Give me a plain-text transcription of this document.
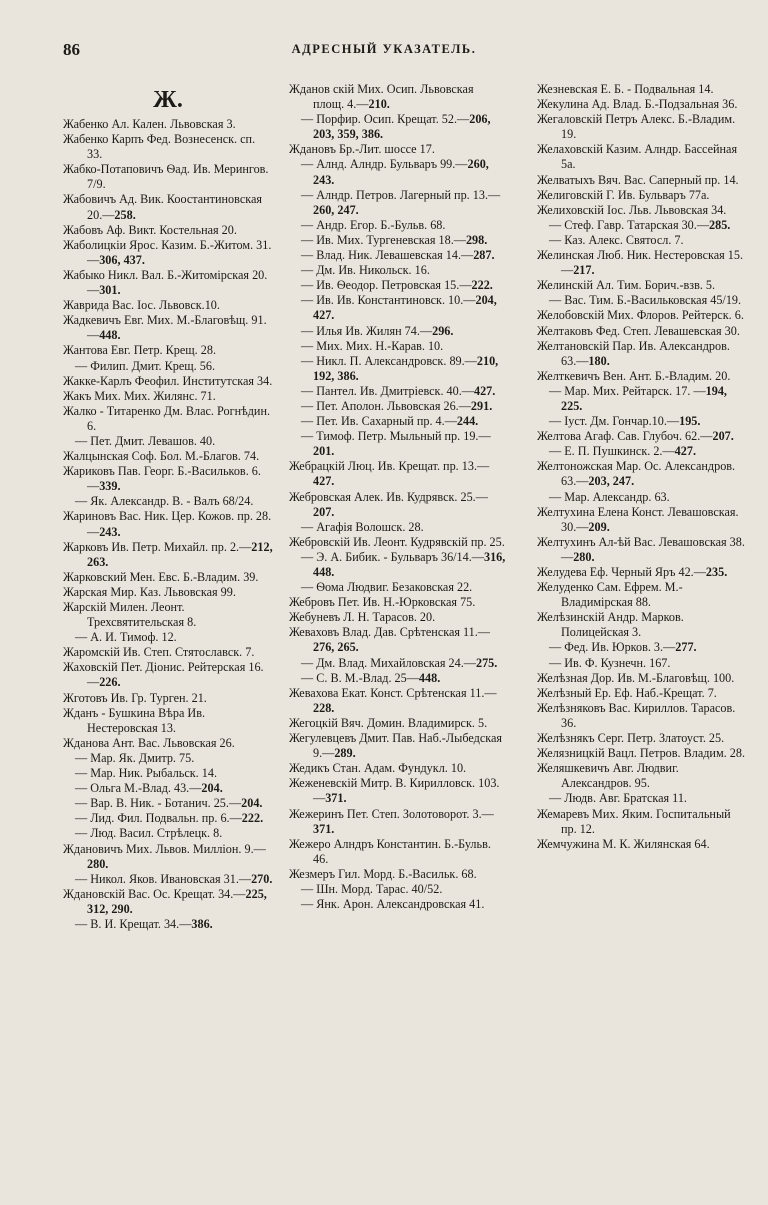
86	АДРЕСНЫЙ УКАЗАТЕЛЬ.
Ж.
Жабенко Ал. Кален. Львовская 3.
Жабенко Карпъ Фед. Вознесенск. сп. 33.
Жабко-Потаповичъ Ѳад. Ив. Мерингов. 7/9.
Жабовичъ Ад. Вик. Коостантиновская 20.—258.
Жабовъ Аф. Викт. Костельная 20.
Жаболицкiи Ярос. Казим. Б.-Житом. 31.—306, 437.
Жабыко Никл. Вал. Б.-Житомiрская 20.—301.
Жаврида Вас. Iос. Львовск.10.
Жадкевичъ Евг. Мих. М.-Благовѣщ. 91.—448.
Жантова Евг. Петр. Крещ. 28.
— Филип. Дмит. Крещ. 56.
Жакке-Карлъ Феофил. Институтская 34.
Жакъ Мих. Мих. Жилянс. 71.
Жалко - Титаренко Дм. Влас. Рогнѣдин. 6.
— Пет. Дмит. Левашов. 40.
Жалцынская Соф. Бол. М.-Благов. 74.
Жариковъ Пав. Георг. Б.-Васильков. 6.—339.
— Як. Александр. В. - Валъ 68/24.
Жариновъ Вас. Ник. Цер. Кожов. пр. 28.—243.
Жарковъ Ив. Петр. Михайл. пр. 2.—212, 263.
Жарковский Мен. Евс. Б.-Владим. 39.
Жарская Мир. Каз. Львовская 99.
Жарскiй Милен. Леонт. Трехсвятительская 8.
— А. И. Тимоф. 12.
Жаромскiй Ив. Степ. Стятославск. 7.
Жаховскiй Пет. Дiонис. Рейтерская 16.—226.
Жготовъ Ив. Гр. Турген. 21.
Жданъ - Бушкина Вѣра Ив. Нестеровская 13.
Жданова Ант. Вас. Львовская 26.
— Мар. Як. Дмитр. 75.
— Мар. Ник. Рыбальск. 14.
— Ольга М.-Влад. 43.—204.
— Вар. В. Ник. - Ботанич. 25.—204.
— Лид. Фил. Подвальн. пр. 6.—222.
— Люд. Васил. Стрѣлецк. 8.
Ждановичъ Мих. Львов. Миллiон. 9.—280.
— Никол. Яков. Ивановская 31.—270.
Ждановскiй Вас. Ос. Крещат. 34.—225, 312, 290.
— В. И. Крещат. 34.—386.
Жданов скiй Мих. Осип. Львовская площ. 4.—210.
— Порфир. Осип. Крещат. 52.—206, 203, 359, 386.
Ждановъ Бр.-Лит. шоссе 17.
— Алнд. Алндр. Бульваръ 99.—260, 243.
— Алндр. Петров. Лагерный пр. 13.—260, 247.
— Андр. Егор. Б.-Бульв. 68.
— Ив. Мих. Тургеневская 18.—298.
— Влад. Ник. Левашевская 14.—287.
— Дм. Ив. Никольск. 16.
— Ив. Ѳеодор. Петровская 15.—222.
— Ив. Ив. Константиновск. 10.—204, 427.
— Илья Ив. Жилян 74.—296.
— Мих. Мих. Н.-Карав. 10.
— Никл. П. Александровск. 89.—210, 192, 386.
— Пантел. Ив. Дмитрiевск. 40.—427.
— Пет. Аполон. Львовская 26.—291.
— Пет. Ив. Сахарный пр. 4.—244.
— Тимоф. Петр. Мыльный пр. 19.—201.
Жебрацкiй Люц. Ив. Крещат. пр. 13.—427.
Жебровская Алек. Ив. Кудрявск. 25.—207.
— Агафiя Волошск. 28.
Жебровскiй Ив. Леонт. Кудрявскiй пр. 25.
— Э. А. Бибик. - Бульваръ 36/14.—316, 448.
— Ѳома Людвиг. Безаковская 22.
Жебровъ Пет. Ив. Н.-Юрковская 75.
Жебуневъ Л. Н. Тарасов. 20.
Жеваховъ Влад. Дав. Срѣтенская 11.—276, 265.
— Дм. Влад. Михайловская 24.—275.
— С. В. М.-Влад. 25—448.
Жевахова Екат. Конст. Срѣтенская 11.—228.
Жегоцкiй Вяч. Домин. Владимирск. 5.
Жегулевцевъ Дмит. Пав. Наб.-Лыбедская 9.—289.
Жедикъ Стан. Адам. Фундукл. 10.
Жеженевскiй Митр. В. Кирилловск. 103.—371.
Жежеринъ Пет. Степ. Золотоворот. 3.—371.
Жежеро Алндръ Константин. Б.-Бульв. 46.
Жезмеръ Гил. Морд. Б.-Васильк. 68.
— Шн. Морд. Тарас. 40/52.
— Янк. Арон. Александровская 41.
Жезневская Е. Б. - Подвальная 14.
Жекулина Ад. Влад. Б.-Подзальная 36.
Жегаловскiй Петръ Алекс. Б.-Владим. 19.
Желаховскiй Казим. Алндр. Бассейная 5а.
Желватыхъ Вяч. Вас. Саперный пр. 14.
Желиговскiй Г. Ив. Бульваръ 77а.
Желиховскiй Iос. Льв. Львовская 34.
— Стеф. Гавр. Татарская 30.—285.
— Каз. Алекс. Святосл. 7.
Желинская Люб. Ник. Нестеровская 15.—217.
Желинскiй Ал. Тим. Борич.-взв. 5.
— Вас. Тим. Б.-Васильковская 45/19.
Желобовскiй Мих. Флоров. Рейтерск. 6.
Желтаковъ Фед. Степ. Левашевская 30.
Желтановскiй Пар. Ив. Александров. 63.—180.
Желткевичъ Вен. Ант. Б.-Владим. 20.
— Мар. Мих. Рейтарск. 17. —194, 225.
— Iуст. Дм. Гончар.10.—195.
Желтова Агаф. Сав. Глубоч. 62.—207.
— Е. П. Пушкинск. 2.—427.
Желтоножская Мар. Ос. Александров. 63.—203, 247.
— Мар. Александр. 63.
Желтухина Елена Конст. Левашовская. 30.—209.
Желтухинъ Ал-ѣй Вас. Левашовская 38.—280.
Желудева Еф. Черный Яръ 42.—235.
Желуденко Сам. Ефрем. М.-Владимiрская 88.
Желѣзинскiй Андр. Марков. Полицейская 3.
— Фед. Ив. Юрков. 3.—277.
— Ив. Ф. Кузнечн. 167.
Желѣзная Дор. Ив. М.-Благовѣщ. 100.
Желѣзный Ер. Еф. Наб.-Крещат. 7.
Желѣзняковъ Вас. Кириллов. Тарасов. 36.
Желѣзнякъ Серг. Петр. Златоуст. 25.
Желязницкiй Вацл. Петров. Владим. 28.
Желяшкевичъ Авг. Людвиг. Александров. 95.
— Людв. Авг. Братская 11.
Жемаревъ Мих. Яким. Госпитальный пр. 12.
Жемчужина М. К. Жилянская 64.
